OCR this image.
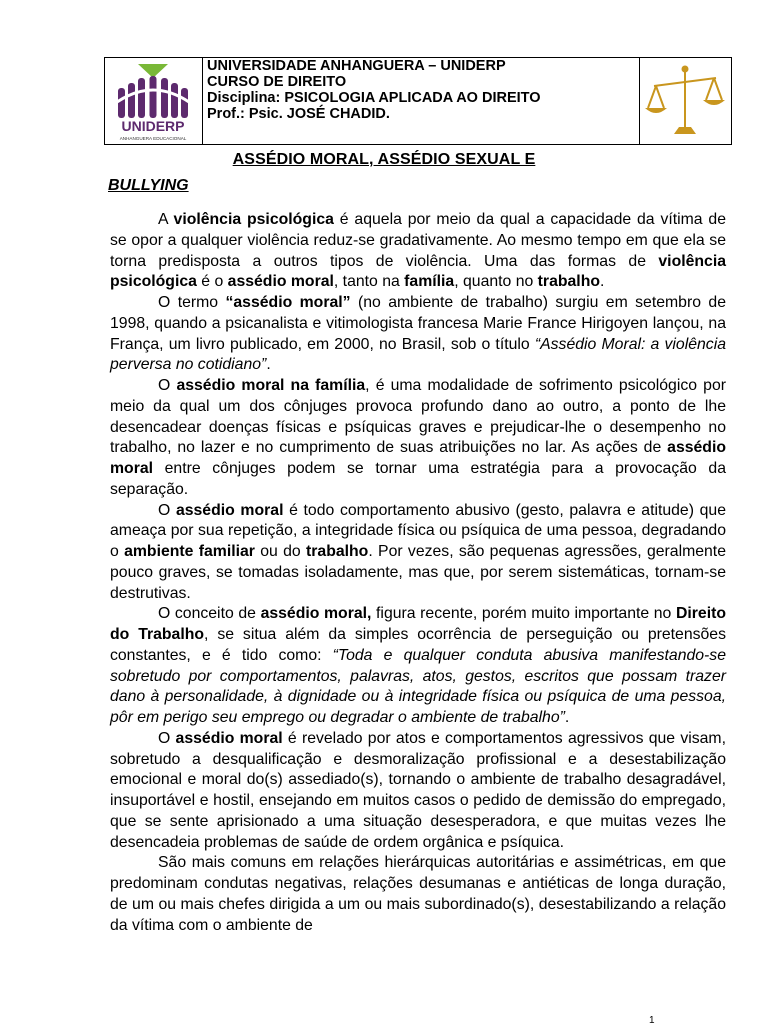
UNIDERP
ANHANGUERA EDUCACIONAL
UNIVERSIDADE ANHANGUERA – UNIDERP
CURSO DE DIREITO
Disciplina: PSICOLOGIA APLICADA AO DIREITO
Prof.: Psic. JOSÉ CHADID.
ASSÉDIO MORAL, ASSÉDIO SEXUAL E
BULLYING

A violência psicológica é aquela por meio da qual a capacidade da vítima de se opor a qualquer violência reduz-se gradativamente. Ao mesmo tempo em que ela se torna predisposta a outros tipos de violência. Uma das formas de violência psicológica é o assédio moral, tanto na família, quanto no trabalho.

O termo “assédio moral” (no ambiente de trabalho) surgiu em setembro de 1998, quando a psicanalista e vitimologista francesa Marie France Hirigoyen lançou, na França, um livro publicado, em 2000, no Brasil, sob o título “Assédio Moral: a violência perversa no cotidiano”.

O assédio moral na família, é uma modalidade de sofrimento psicológico por meio da qual um dos cônjuges provoca profundo dano ao outro, a ponto de lhe desencadear doenças físicas e psíquicas graves e prejudicar-lhe o desempenho no trabalho, no lazer e no cumprimento de suas atribuições no lar. As ações de assédio moral entre cônjuges podem se tornar uma estratégia para a provocação da separação.

O assédio moral é todo comportamento abusivo (gesto, palavra e atitude) que ameaça por sua repetição, a integridade física ou psíquica de uma pessoa, degradando o ambiente familiar ou do trabalho. Por vezes, são pequenas agressões, geralmente pouco graves, se tomadas isoladamente, mas que, por serem sistemáticas, tornam-se destrutivas.

O conceito de assédio moral, figura recente, porém muito importante no Direito do Trabalho, se situa além da simples ocorrência de perseguição ou pretensões constantes, e é tido como: “Toda e qualquer conduta abusiva manifestando-se sobretudo por comportamentos, palavras, atos, gestos, escritos que possam trazer dano à personalidade, à dignidade ou à integridade física ou psíquica de uma pessoa, pôr em perigo seu emprego ou degradar o ambiente de trabalho”.

O assédio moral é revelado por atos e comportamentos agressivos que visam, sobretudo a desqualificação e desmoralização profissional e a desestabilização emocional e moral do(s) assediado(s), tornando o ambiente de trabalho desagradável, insuportável e hostil, ensejando em muitos casos o pedido de demissão do empregado, que se sente aprisionado a uma situação desesperadora, e que muitas vezes lhe desencadeia problemas de saúde de ordem orgânica e psíquica.

São mais comuns em relações hierárquicas autoritárias e assimétricas, em que predominam condutas negativas, relações desumanas e antiéticas de longa duração, de um ou mais chefes dirigida a um ou mais subordinado(s), desestabilizando a relação da vítima com o ambiente de

1
